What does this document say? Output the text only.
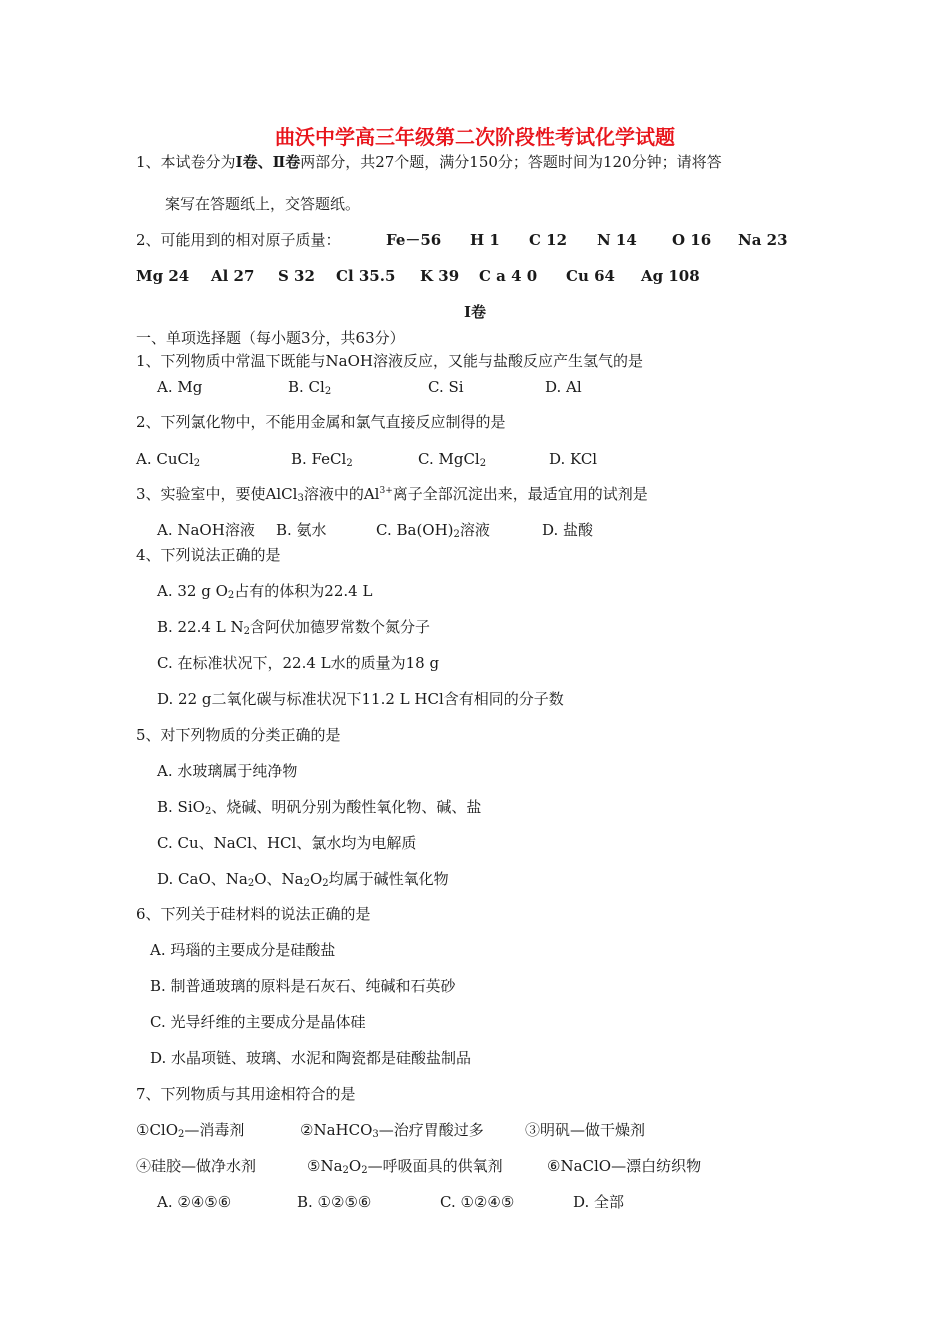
曲沃中学高三年级第二次阶段性考试化学试题
1、本试卷分为Ⅰ卷、Ⅱ卷两部分，共27个题，满分150分；答题时间为120分钟；请将答
案写在答题纸上，交答题纸。
2、可能用到的相对原子质量：	Fe－56 H 1 C 12 N 14 O 16 Na 23
Mg 24 Al 27 S 32 Cl 35.5 K 39 C a 4 0 Cu 64 Ag 108
Ⅰ卷
一、单项选择题（每小题3分，共63分）
1、下列物质中常温下既能与NaOH溶液反应，又能与盐酸反应产生氢气的是
A. Mg	B. $Cl_2$	C. Si	D. Al
2、下列氯化物中，不能用金属和氯气直接反应制得的是
A. CuCl$_2$	B. FeCl$_2$	C. MgCl$_2$	D. KCl
3、实验室中，要使AlCl$_3$溶液中的$Al^{3+}$离子全部沉淀出来，最适宜用的试剂是
A. NaOH溶液 B. 氨水	C. $Ba(OH)_2$溶液	D. 盐酸
4、下列说法正确的是
A. 32 g $O_2$占有的体积为22.4 L
B. 22.4 L $N_2$含阿伏加德罗常数个氮分子
C. 在标准状况下，22.4 L水的质量为18 g
D. 22 g二氧化碳与标准状况下11.2 L HCl含有相同的分子数
5、对下列物质的分类正确的是
A. 水玻璃属于纯净物
B. SiO$_2$、烧碱、明矾分别为酸性氧化物、碱、盐
C. Cu、NaCl、HCl、氯水均为电解质
D. CaO、$Na_2O$、$Na_2O_2$均属于碱性氧化物
6、下列关于硅材料的说法正确的是
A. 玛瑙的主要成分是硅酸盐
B. 制普通玻璃的原料是石灰石、纯碱和石英砂
C. 光导纤维的主要成分是晶体硅
D. 水晶项链、玻璃、水泥和陶瓷都是硅酸盐制品
7、下列物质与其用途相符合的是
①ClO$_2$—消毒剂	②NaHCO$_3$—治疗胃酸过多	③明矾—做干燥剂
④硅胶—做净水剂	$⑤Na_2O_2—$呼吸面具的供氧剂	⑥NaClO—漂白纺织物
A. ②④⑤⑥	B. ①②⑤⑥	C. ①②④⑤	D. 全部
